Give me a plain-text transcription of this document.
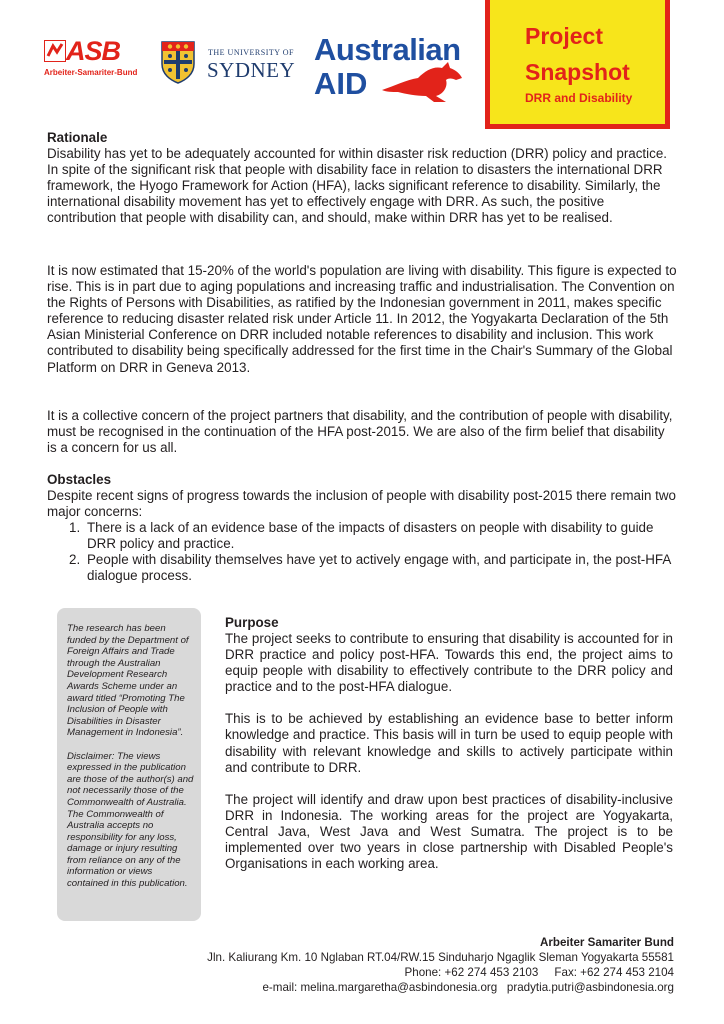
ASB
Arbeiter-Samariter-Bund
THE UNIVERSITY OF
SYDNEY
Australian
AID
Project
Snapshot
DRR and Disability
Rationale

Disability has yet to be adequately accounted for within disaster risk reduction (DRR) policy and practice. In spite of the significant risk that people with disability face in relation to disasters the international DRR framework, the Hyogo Framework for Action (HFA), lacks significant reference to disability. Similarly, the international disability movement has yet to effectively engage with DRR. As such, the positive contribution that people with disability can, and should, make within DRR has yet to be realised.

It is now estimated that 15-20% of the world's population are living with disability. This figure is expected to rise. This is in part due to aging populations and increasing traffic and industrialisation. The Convention on the Rights of Persons with Disabilities, as ratified by the Indonesian government in 2011, makes specific reference to reducing disaster related risk under Article 11. In 2012, the Yogyakarta Declaration of the 5th Asian Ministerial Conference on DRR included notable references to disability and inclusion. This work contributed to disability being specifically addressed for the first time in the Chair's Summary of the Global Platform on DRR in Geneva 2013.

It is a collective concern of the project partners that disability, and the contribution of people with disability, must be recognised in the continuation of the HFA post-2015. We are also of the firm belief that disability is a concern for us all.

Obstacles

Despite recent signs of progress towards the inclusion of people with disability post-2015 there remain two major concerns:

1. There is a lack of an evidence base of the impacts of disasters on people with disability to guide DRR policy and practice.
2. People with disability themselves have yet to actively engage with, and participate in, the post-HFA dialogue process.

The research has been funded by the Department of Foreign Affairs and Trade through the Australian Development Research Awards Scheme under an award titled “Promoting The Inclusion of People with Disabilities in Disaster Management in Indonesia”.

Disclaimer: The views expressed in the publication are those of the author(s) and not necessarily those of the Commonwealth of Australia. The Commonwealth of Australia accepts no responsibility for any loss, damage or injury resulting from reliance on any of the information or views contained in this publication.

Purpose

The project seeks to contribute to ensuring that disability is accounted for in DRR practice and policy post-HFA. Towards this end, the project aims to equip people with disability to effectively contribute to the DRR policy and practice and to the post-HFA dialogue.

This is to be achieved by establishing an evidence base to better inform knowledge and practice. This basis will in turn be used to equip people with disability with relevant knowledge and skills to actively participate within and contribute to DRR.

The project will identify and draw upon best practices of disability-inclusive DRR in Indonesia. The working areas for the project are Yogyakarta, Central Java, West Java and West Sumatra. The project is to be implemented over two years in close partnership with Disabled People's Organisations in each working area.

Arbeiter Samariter Bund
Jln. Kaliurang Km. 10 Nglaban RT.04/RW.15 Sinduharjo Ngaglik Sleman Yogyakarta 55581
Phone: +62 274 453 2103     Fax: +62 274 453 2104
e-mail: melina.margaretha@asbindonesia.org   pradytia.putri@asbindonesia.org
